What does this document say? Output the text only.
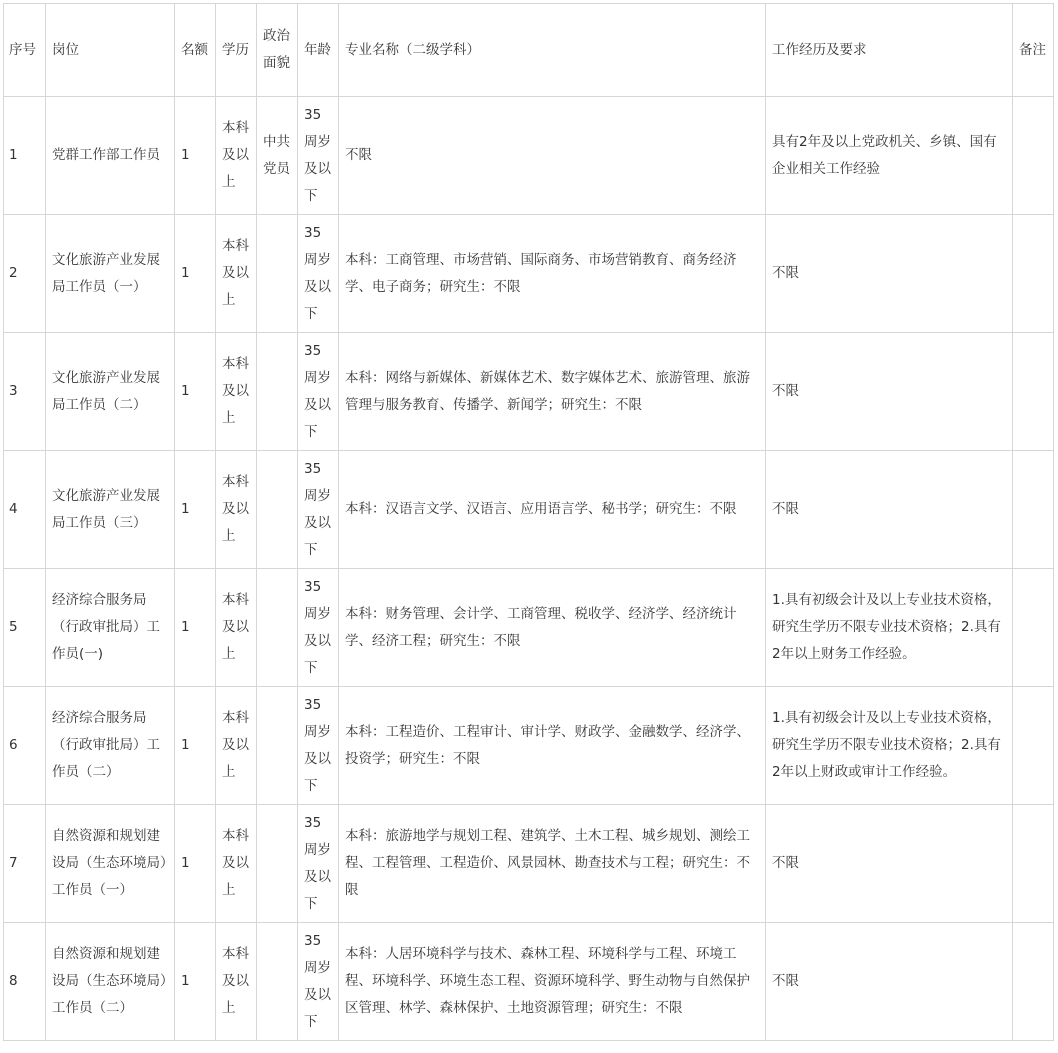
序号	岗位	名额	学历	政治面貌	年龄	专业名称（二级学科）	工作经历及要求	备注
1	党群工作部工作员	1	本科及以上	中共党员	35周岁及以下	不限	具有2年及以上党政机关、乡镇、国有企业相关工作经验	
2	文化旅游产业发展局工作员（一）	1	本科及以上		35周岁及以下	本科：工商管理、市场营销、国际商务、市场营销教育、商务经济学、电子商务；研究生：不限	不限	
3	文化旅游产业发展局工作员（二）	1	本科及以上		35周岁及以下	本科：网络与新媒体、新媒体艺术、数字媒体艺术、旅游管理、旅游管理与服务教育、传播学、新闻学；研究生：不限	不限	
4	文化旅游产业发展局工作员（三）	1	本科及以上		35周岁及以下	本科：汉语言文学、汉语言、应用语言学、秘书学；研究生：不限	不限	
5	经济综合服务局（行政审批局）工作员(一)	1	本科及以上		35周岁及以下	本科：财务管理、会计学、工商管理、税收学、经济学、经济统计学、经济工程；研究生：不限	1.具有初级会计及以上专业技术资格，研究生学历不限专业技术资格；2.具有2年以上财务工作经验。	
6	经济综合服务局（行政审批局）工作员（二）	1	本科及以上		35周岁及以下	本科：工程造价、工程审计、审计学、财政学、金融数学、经济学、投资学；研究生：不限	1.具有初级会计及以上专业技术资格，研究生学历不限专业技术资格；2.具有2年以上财政或审计工作经验。	
7	自然资源和规划建设局（生态环境局）工作员（一）	1	本科及以上		35周岁及以下	本科：旅游地学与规划工程、建筑学、土木工程、城乡规划、测绘工程、工程管理、工程造价、风景园林、勘查技术与工程；研究生：不限	不限	
8	自然资源和规划建设局（生态环境局）工作员（二）	1	本科及以上		35周岁及以下	本科：人居环境科学与技术、森林工程、环境科学与工程、环境工程、环境科学、环境生态工程、资源环境科学、野生动物与自然保护区管理、林学、森林保护、土地资源管理；研究生：不限	不限	
